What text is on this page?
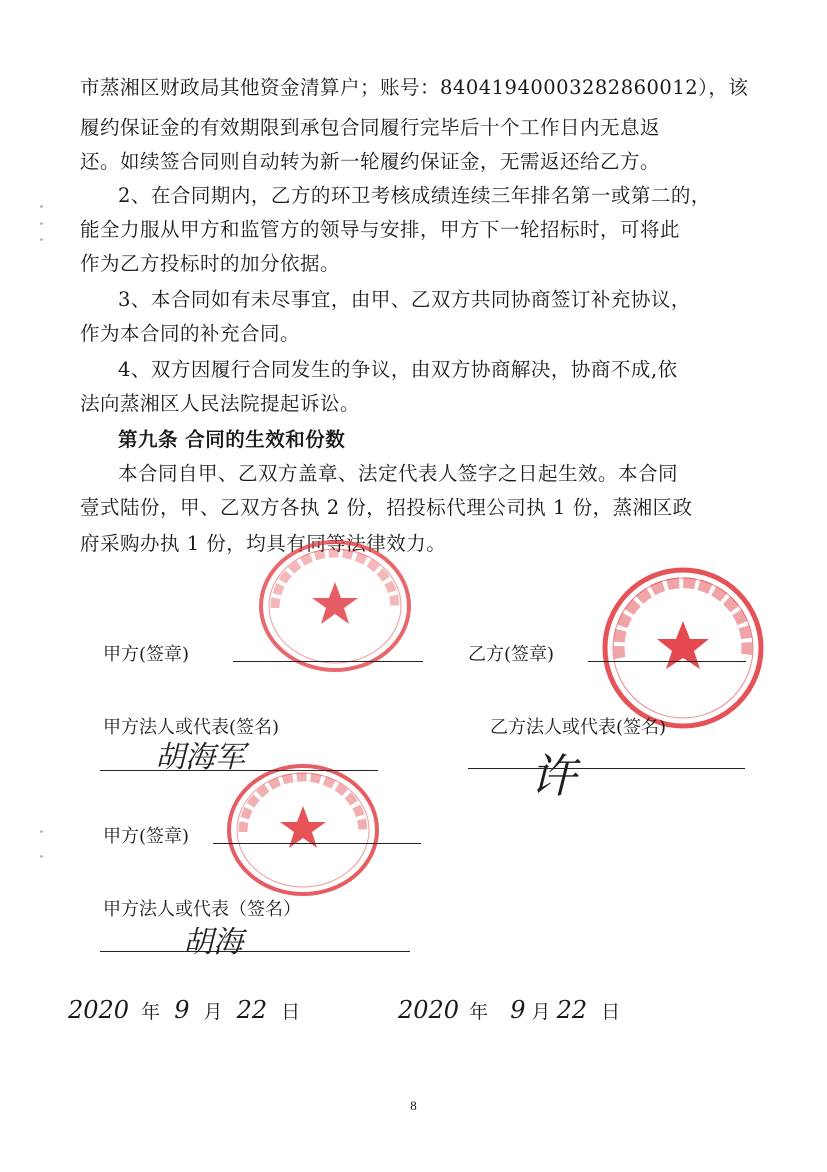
市蒸湘区财政局其他资金清算户；账号：84041940003282860012），该
履约保证金的有效期限到承包合同履行完毕后十个工作日内无息返
还。如续签合同则自动转为新一轮履约保证金，无需返还给乙方。
2、在合同期内，乙方的环卫考核成绩连续三年排名第一或第二的，
能全力服从甲方和监管方的领导与安排，甲方下一轮招标时，可将此
作为乙方投标时的加分依据。
3、本合同如有未尽事宜，由甲、乙双方共同协商签订补充协议，
作为本合同的补充合同。
4、双方因履行合同发生的争议，由双方协商解决，协商不成,依
法向蒸湘区人民法院提起诉讼。
第九条 合同的生效和份数
本合同自甲、乙双方盖章、法定代表人签字之日起生效。本合同
壹式陆份，甲、乙双方各执 2 份，招投标代理公司执 1 份，蒸湘区政
府采购办执 1 份，均具有同等法律效力。
甲方(签章)	乙方(签章)
甲方法人或代表(签名)
胡海军
乙方法人或代表(签名)
许
甲方(签章)
甲方法人或代表（签名）
胡海
2020 年 9 月 22 日	2020 年 9 月 22 日
8
